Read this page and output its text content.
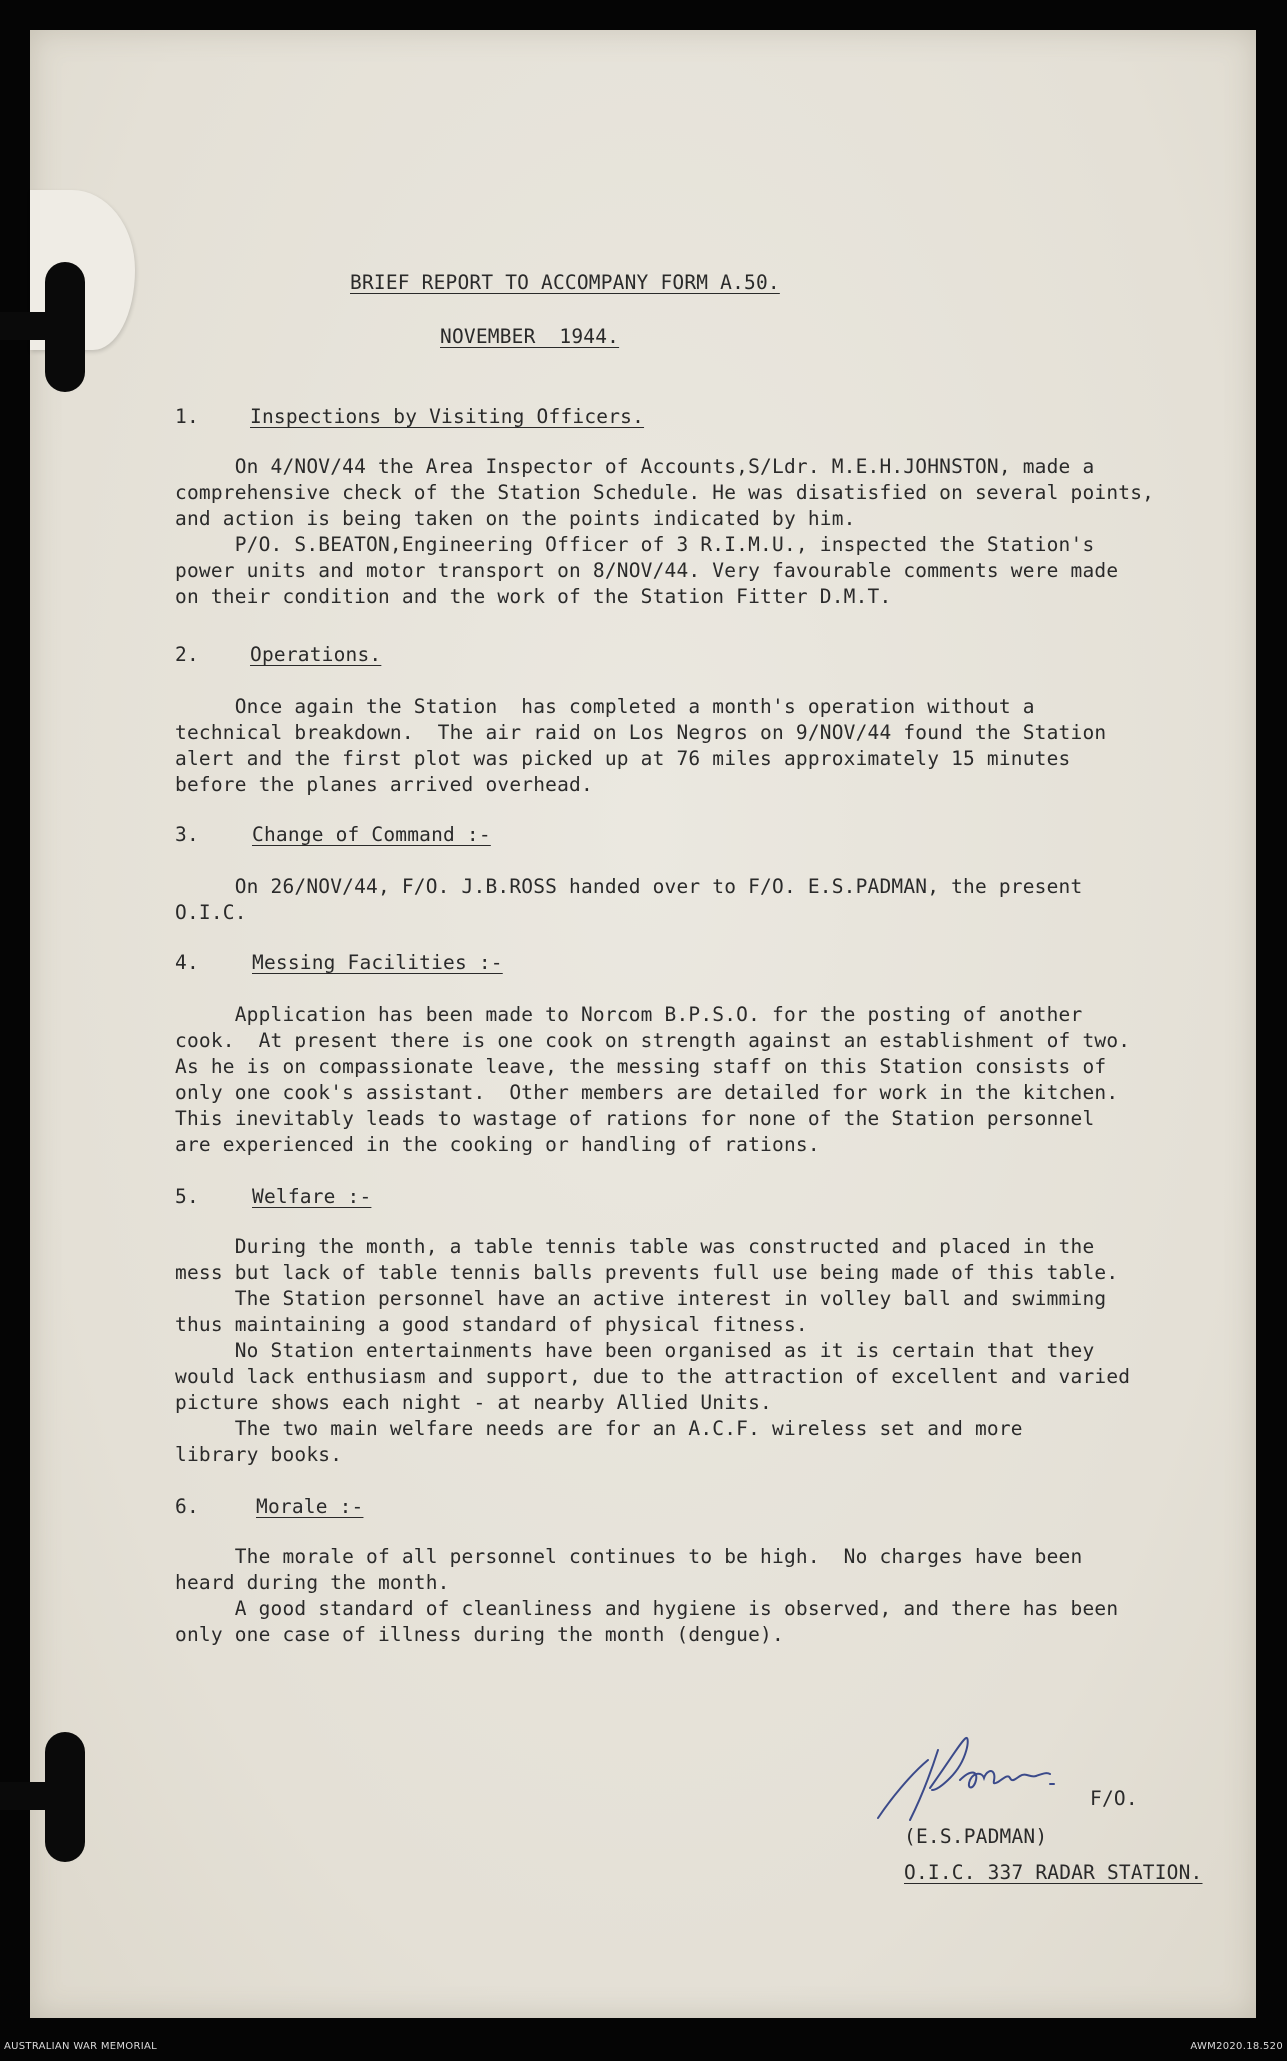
BRIEF REPORT TO ACCOMPANY FORM A.50.
NOVEMBER  1944.
1.	Inspections by Visiting Officers.
On 4/NOV/44 the Area Inspector of Accounts,S/Ldr. M.E.H.JOHNSTON, made a
comprehensive check of the Station Schedule. He was disatisfied on several points,
and action is being taken on the points indicated by him.
P/O. S.BEATON,Engineering Officer of 3 R.I.M.U., inspected the Station's
power units and motor transport on 8/NOV/44. Very favourable comments were made
on their condition and the work of the Station Fitter D.M.T.
2.	Operations.
Once again the Station  has completed a month's operation without a
technical breakdown.  The air raid on Los Negros on 9/NOV/44 found the Station
alert and the first plot was picked up at 76 miles approximately 15 minutes
before the planes arrived overhead.
3.	Change of Command :-
On 26/NOV/44, F/O. J.B.ROSS handed over to F/O. E.S.PADMAN, the present
O.I.C.
4.	Messing Facilities :-
Application has been made to Norcom B.P.S.O. for the posting of another
cook.  At present there is one cook on strength against an establishment of two.
As he is on compassionate leave, the messing staff on this Station consists of
only one cook's assistant.  Other members are detailed for work in the kitchen.
This inevitably leads to wastage of rations for none of the Station personnel
are experienced in the cooking or handling of rations.
5.	Welfare :-
During the month, a table tennis table was constructed and placed in the
mess but lack of table tennis balls prevents full use being made of this table.
The Station personnel have an active interest in volley ball and swimming
thus maintaining a good standard of physical fitness.
No Station entertainments have been organised as it is certain that they
would lack enthusiasm and support, due to the attraction of excellent and varied
picture shows each night - at nearby Allied Units.
The two main welfare needs are for an A.C.F. wireless set and more
library books.
6.	Morale :-
The morale of all personnel continues to be high.  No charges have been
heard during the month.
A good standard of cleanliness and hygiene is observed, and there has been
only one case of illness during the month (dengue).
F/O.
(E.S.PADMAN)
O.I.C. 337 RADAR STATION.
AUSTRALIAN WAR MEMORIAL	AWM2020.18.520
